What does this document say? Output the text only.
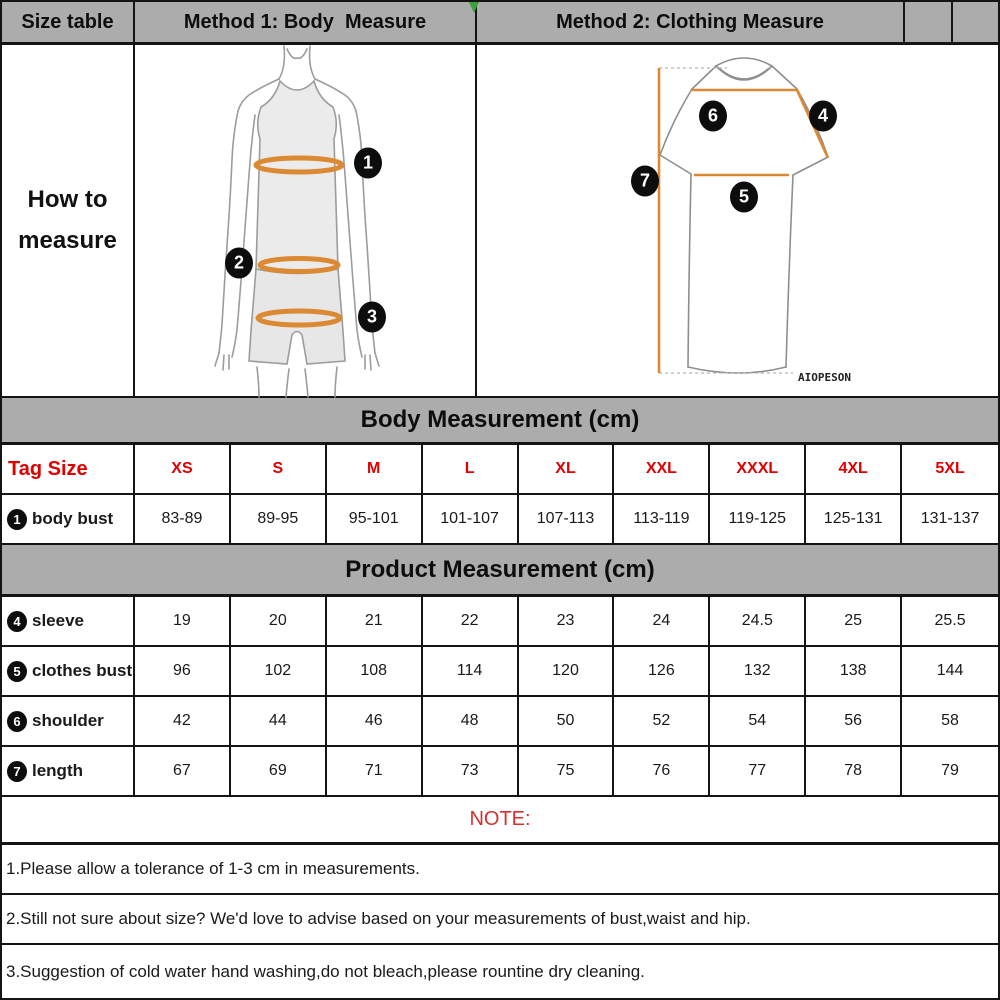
Size table	Method 1: Body  Measure	Method 2: Clothing Measure
How to measure
1
2
3
6	4
7
5
AIOPESON
Body Measurement (cm)
Tag Size	XS	S	M	L	XL	XXL	XXXL	4XL	5XL
1 body bust	83-89	89-95	95-101	101-107	107-113	113-119	119-125	125-131	131-137
Product Measurement (cm)
4 sleeve	19	20	21	22	23	24	24.5	25	25.5
5 clothes bust	96	102	108	114	120	126	132	138	144
6 shoulder	42	44	46	48	50	52	54	56	58
7 length	67	69	71	73	75	76	77	78	79
NOTE:
1.Please allow a tolerance of 1-3 cm in measurements.
2.Still not sure about size? We'd love to advise based on your measurements of bust,waist and hip.
3.Suggestion of cold water hand washing,do not bleach,please rountine dry cleaning.
